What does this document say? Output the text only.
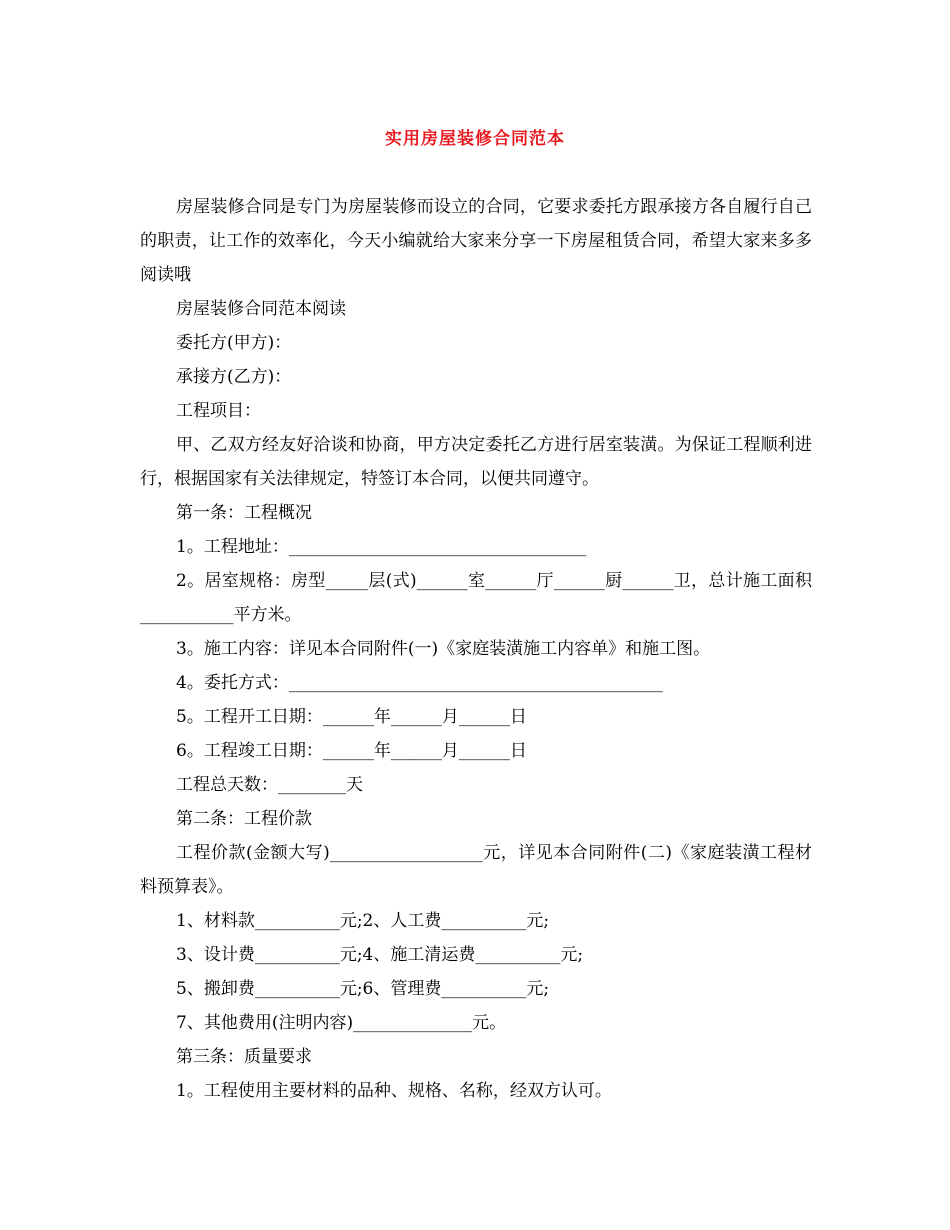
实用房屋装修合同范本

房屋装修合同是专门为房屋装修而设立的合同，它要求委托方跟承接方各自履行自己的职责，让工作的效率化，今天小编就给大家来分享一下房屋租赁合同，希望大家来多多阅读哦

房屋装修合同范本阅读

委托方(甲方)：

承接方(乙方)：

工程项目：

甲、乙双方经友好洽谈和协商，甲方决定委托乙方进行居室装潢。为保证工程顺利进行，根据国家有关法律规定，特签订本合同，以便共同遵守。

第一条：工程概况

1。工程地址：___________________________________

2。居室规格：房型_____层(式)______室______厅______厨______卫，总计施工面积___________平方米。

3。施工内容：详见本合同附件(一)《家庭装潢施工内容单》和施工图。

4。委托方式：____________________________________________

5。工程开工日期：______年______月______日

6。工程竣工日期：______年______月______日

工程总天数：________天

第二条：工程价款

工程价款(金额大写)__________________元，详见本合同附件(二)《家庭装潢工程材料预算表》。

1、材料款__________元;2、人工费__________元;

3、设计费__________元;4、施工清运费__________元;

5、搬卸费__________元;6、管理费__________元;

7、其他费用(注明内容)______________元。

第三条：质量要求

1。工程使用主要材料的品种、规格、名称，经双方认可。
